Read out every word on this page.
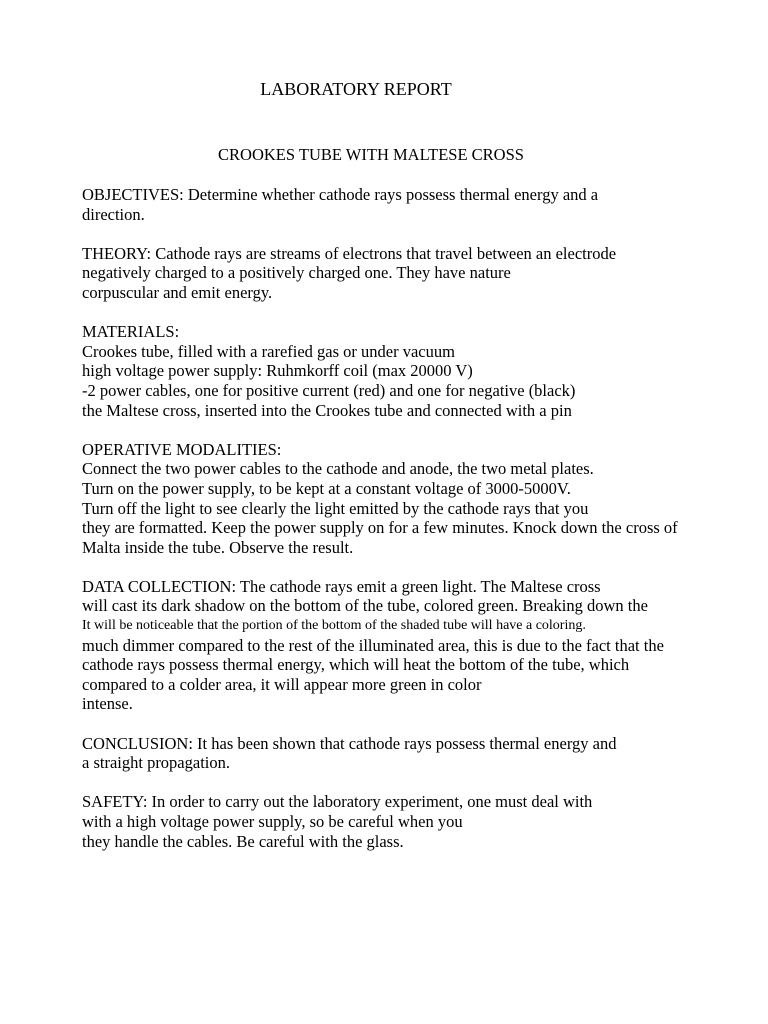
LABORATORY REPORT
CROOKES TUBE WITH MALTESE CROSS
OBJECTIVES: Determine whether cathode rays possess thermal energy and a
direction.
THEORY: Cathode rays are streams of electrons that travel between an electrode
negatively charged to a positively charged one. They have nature
corpuscular and emit energy.
MATERIALS:
Crookes tube, filled with a rarefied gas or under vacuum
high voltage power supply: Ruhmkorff coil (max 20000 V)
-2 power cables, one for positive current (red) and one for negative (black)
the Maltese cross, inserted into the Crookes tube and connected with a pin
OPERATIVE MODALITIES:
Connect the two power cables to the cathode and anode, the two metal plates.
Turn on the power supply, to be kept at a constant voltage of 3000-5000V.
Turn off the light to see clearly the light emitted by the cathode rays that you
they are formatted. Keep the power supply on for a few minutes. Knock down the cross of
Malta inside the tube. Observe the result.
DATA COLLECTION: The cathode rays emit a green light. The Maltese cross
will cast its dark shadow on the bottom of the tube, colored green. Breaking down the
It will be noticeable that the portion of the bottom of the shaded tube will have a coloring.
much dimmer compared to the rest of the illuminated area, this is due to the fact that the
cathode rays possess thermal energy, which will heat the bottom of the tube, which
compared to a colder area, it will appear more green in color
intense.
CONCLUSION: It has been shown that cathode rays possess thermal energy and
a straight propagation.
SAFETY: In order to carry out the laboratory experiment, one must deal with
with a high voltage power supply, so be careful when you
they handle the cables. Be careful with the glass.
